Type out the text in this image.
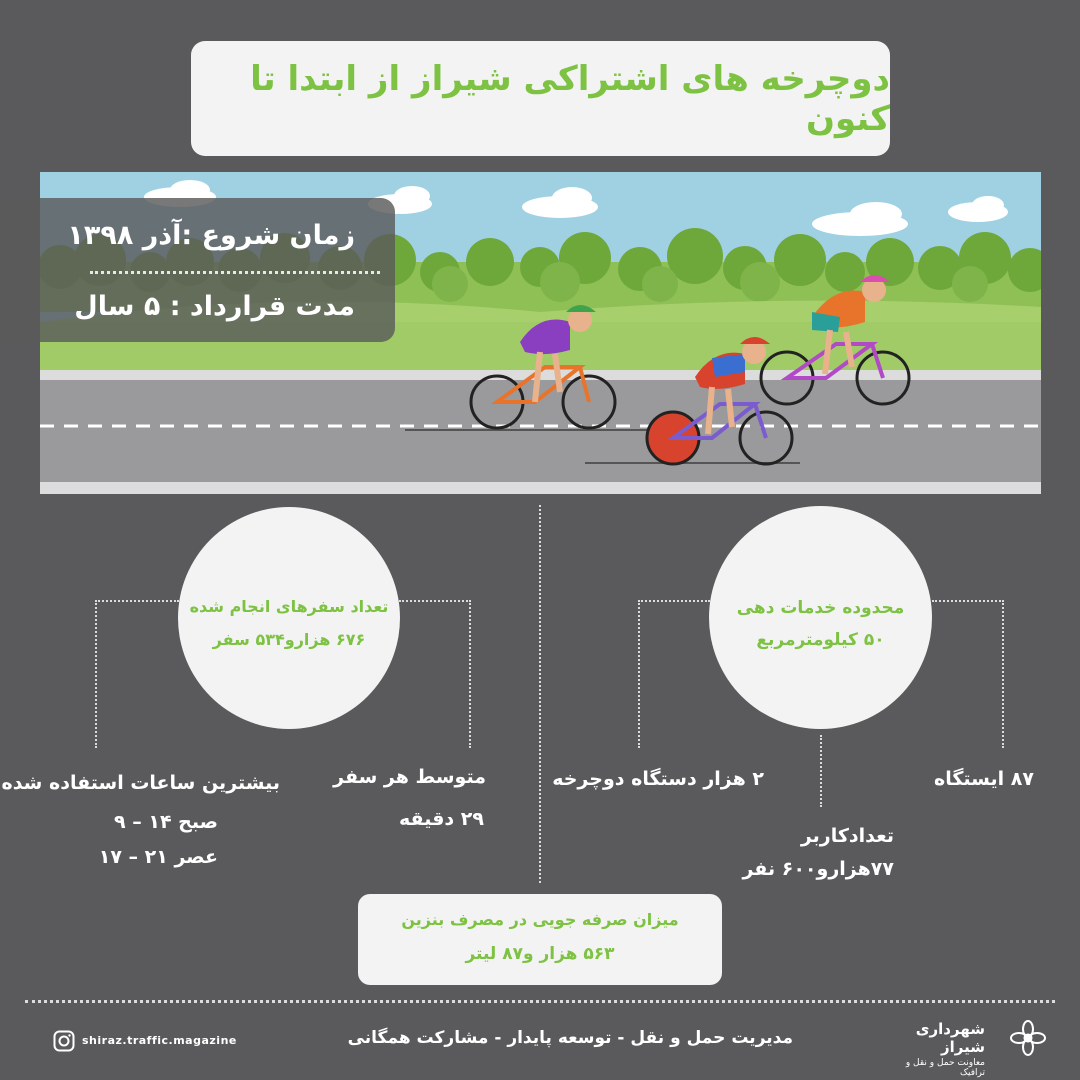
دوچرخه های اشتراکی شیراز از ابتدا تا کنون
زمان شروع :آذر ۱۳۹۸
مدت قرارداد : ۵ سال
تعداد سفرهای انجام شده
۶۷۶ هزارو۵۳۴ سفر
محدوده خدمات دهی
۵۰ کیلومترمربع
بیشترین ساعات استفاده شده
صبح ۱۴ – ۹
عصر ۲۱ – ۱۷
متوسط هر سفر
۲۹ دقیقه
۲ هزار دستگاه دوچرخه	۸۷ ایستگاه
تعدادکاربر
۷۷هزارو۶۰۰ نفر
میزان صرفه جویی در مصرف بنزین
۵۶۳ هزار و۸۷ لیتر
shiraz.traffic.magazine	مدیریت حمل و نقل - توسعه پایدار - مشارکت همگانی	شهرداری شیراز
معاونت حمل و نقل و ترافیک
